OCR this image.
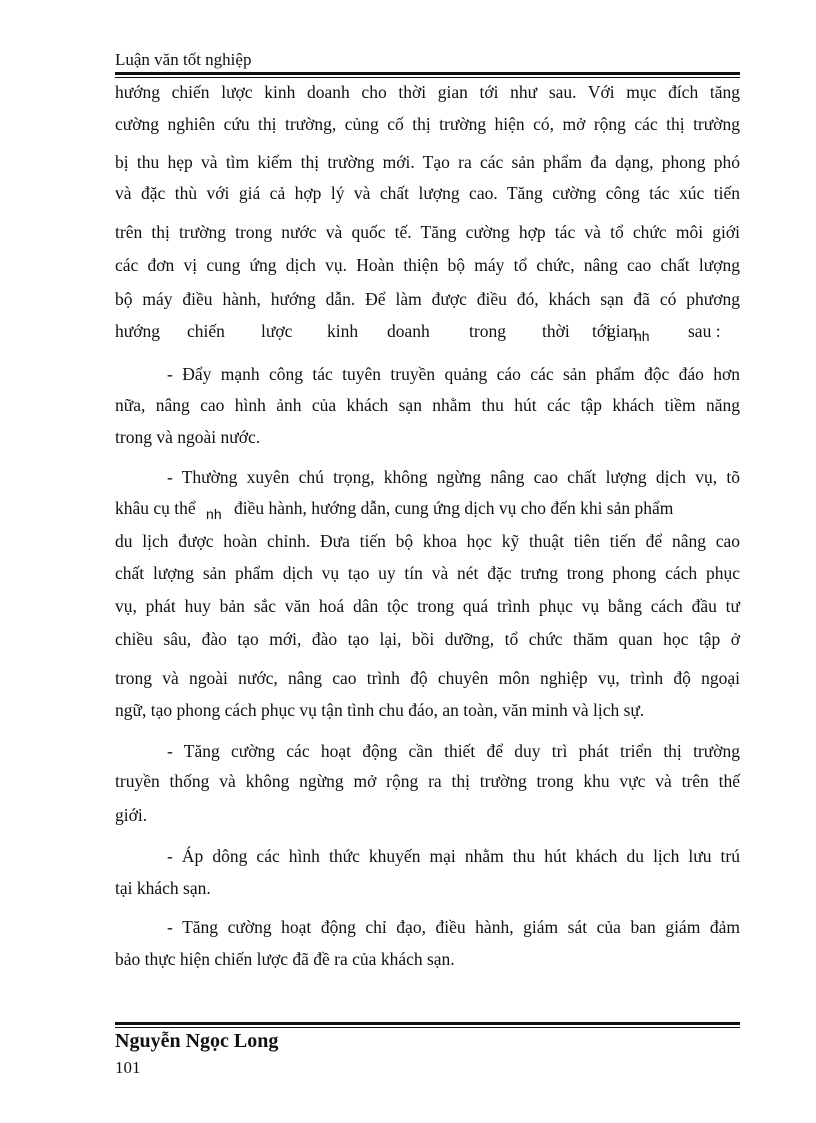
Luận văn tốt nghiệp
hướng chiến lược kinh doanh cho thời gian tới như sau. Với mục đích tăng
cường nghiên cứu thị trường, củng cố thị trường hiện có, mở rộng các thị trường
bị thu hẹp và tìm kiếm thị trường mới. Tạo ra các sản phẩm đa dạng, phong phó
và đặc thù với giá cả hợp lý và chất lượng cao. Tăng cường công tác xúc tiến
trên thị trường trong nước và quốc tế. Tăng cường hợp tác và tổ chức môi giới
các đơn vị cung ứng dịch vụ. Hoàn thiện bộ máy tổ chức, nâng cao chất lượng
bộ máy điều hành, hướng dẫn. Để làm được điều đó, khách sạn đã có phương
hướng chiến lược kinh doanh trong thời gian
tới nh sau :
- Đẩy mạnh công tác tuyên truyền quảng cáo các sản phẩm độc đáo hơn
nữa, nâng cao hình ảnh của khách sạn nhằm thu hút các tập khách tiềm năng
trong và ngoài nước.
- Thường xuyên chú trọng, không ngừng nâng cao chất lượng dịch vụ, tõ
khâu cụ thể $_{nh}$ điều hành, hướng dẫn, cung ứng dịch vụ cho đến khi sản phẩm
du lịch được hoàn chỉnh. Đưa tiến bộ khoa học kỹ thuật tiên tiến để nâng cao
chất lượng sản phẩm dịch vụ tạo uy tín và nét đặc trưng trong phong cách phục
vụ, phát huy bản sắc văn hoá dân tộc trong quá trình phục vụ bằng cách đầu tư
chiều sâu, đào tạo mới, đào tạo lại, bồi dưỡng, tổ chức thăm quan học tập ở
trong và ngoài nước, nâng cao trình độ chuyên môn nghiệp vụ, trình độ ngoại
ngữ, tạo phong cách phục vụ tận tình chu đáo, an toàn, văn minh và lịch sự.
- Tăng cường các hoạt động cần thiết để duy trì phát triển thị trường
truyền thống và không ngừng mở rộng ra thị trường trong khu vực và trên thế
giới.
- Áp dông các hình thức khuyến mại nhằm thu hút khách du lịch lưu trú
tại khách sạn.
- Tăng cường hoạt động chỉ đạo, điều hành, giám sát của ban giám đảm
bảo thực hiện chiến lược đã đề ra của khách sạn.
Nguyễn Ngọc Long
101
